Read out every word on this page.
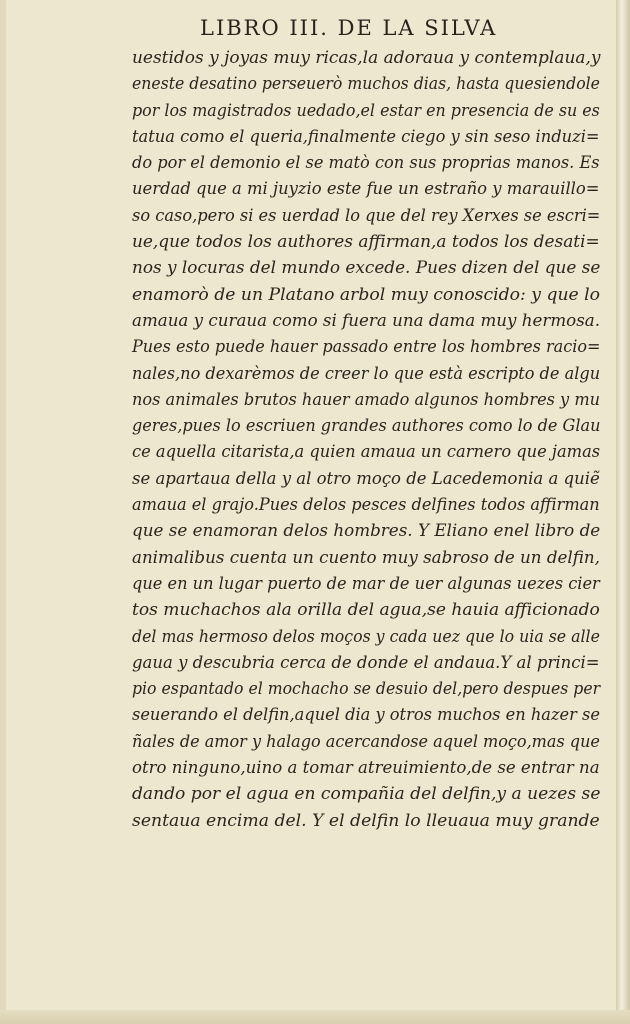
LIBRO III. DE LA SILVA
uestidos y joyas muy ricas,la adoraua y contemplaua,y
eneste desatino perseuerò muchos dias, hasta quesiendole
por los magistrados uedado,el estar en presencia de su es
tatua como el queria,finalmente ciego y sin seso induzi=
do por el demonio el se matò con sus proprias manos. Es
uerdad que a mi juyzio este fue un estraño y marauillo=
so caso,pero si es uerdad lo que del rey Xerxes se escri=
ue,que todos los authores affirman,a todos los desati=
nos y locuras del mundo excede. Pues dizen del que se
enamorò de un Platano arbol muy conoscido: y que lo
amaua y curaua como si fuera una dama muy hermosa.
Pues esto puede hauer passado entre los hombres racio=
nales,no dexarèmos de creer lo que està escripto de algu
nos animales brutos hauer amado algunos hombres y mu
geres,pues lo escriuen grandes authores como lo de Glau
ce aquella citarista,a quien amaua un carnero que jamas
se apartaua della y al otro moço de Lacedemonia a quiẽ
amaua el grajo.Pues delos pesces delfines todos affirman
que se enamoran delos hombres. Y Eliano enel libro de
animalibus cuenta un cuento muy sabroso de un delfin,
que en un lugar puerto de mar de uer algunas uezes cier
tos muchachos ala orilla del agua,se hauia afficionado
del mas hermoso delos moços y cada uez que lo uia se alle
gaua y descubria cerca de donde el andaua.Y al princi=
pio espantado el mochacho se desuio del,pero despues per
seuerando el delfin,aquel dia y otros muchos en hazer se
ñales de amor y halago acercandose aquel moço,mas que
otro ninguno,uino a tomar atreuimiento,de se entrar na
dando por el agua en compañia del delfin,y a uezes se
sentaua encima del. Y el delfin lo lleuaua muy grande
